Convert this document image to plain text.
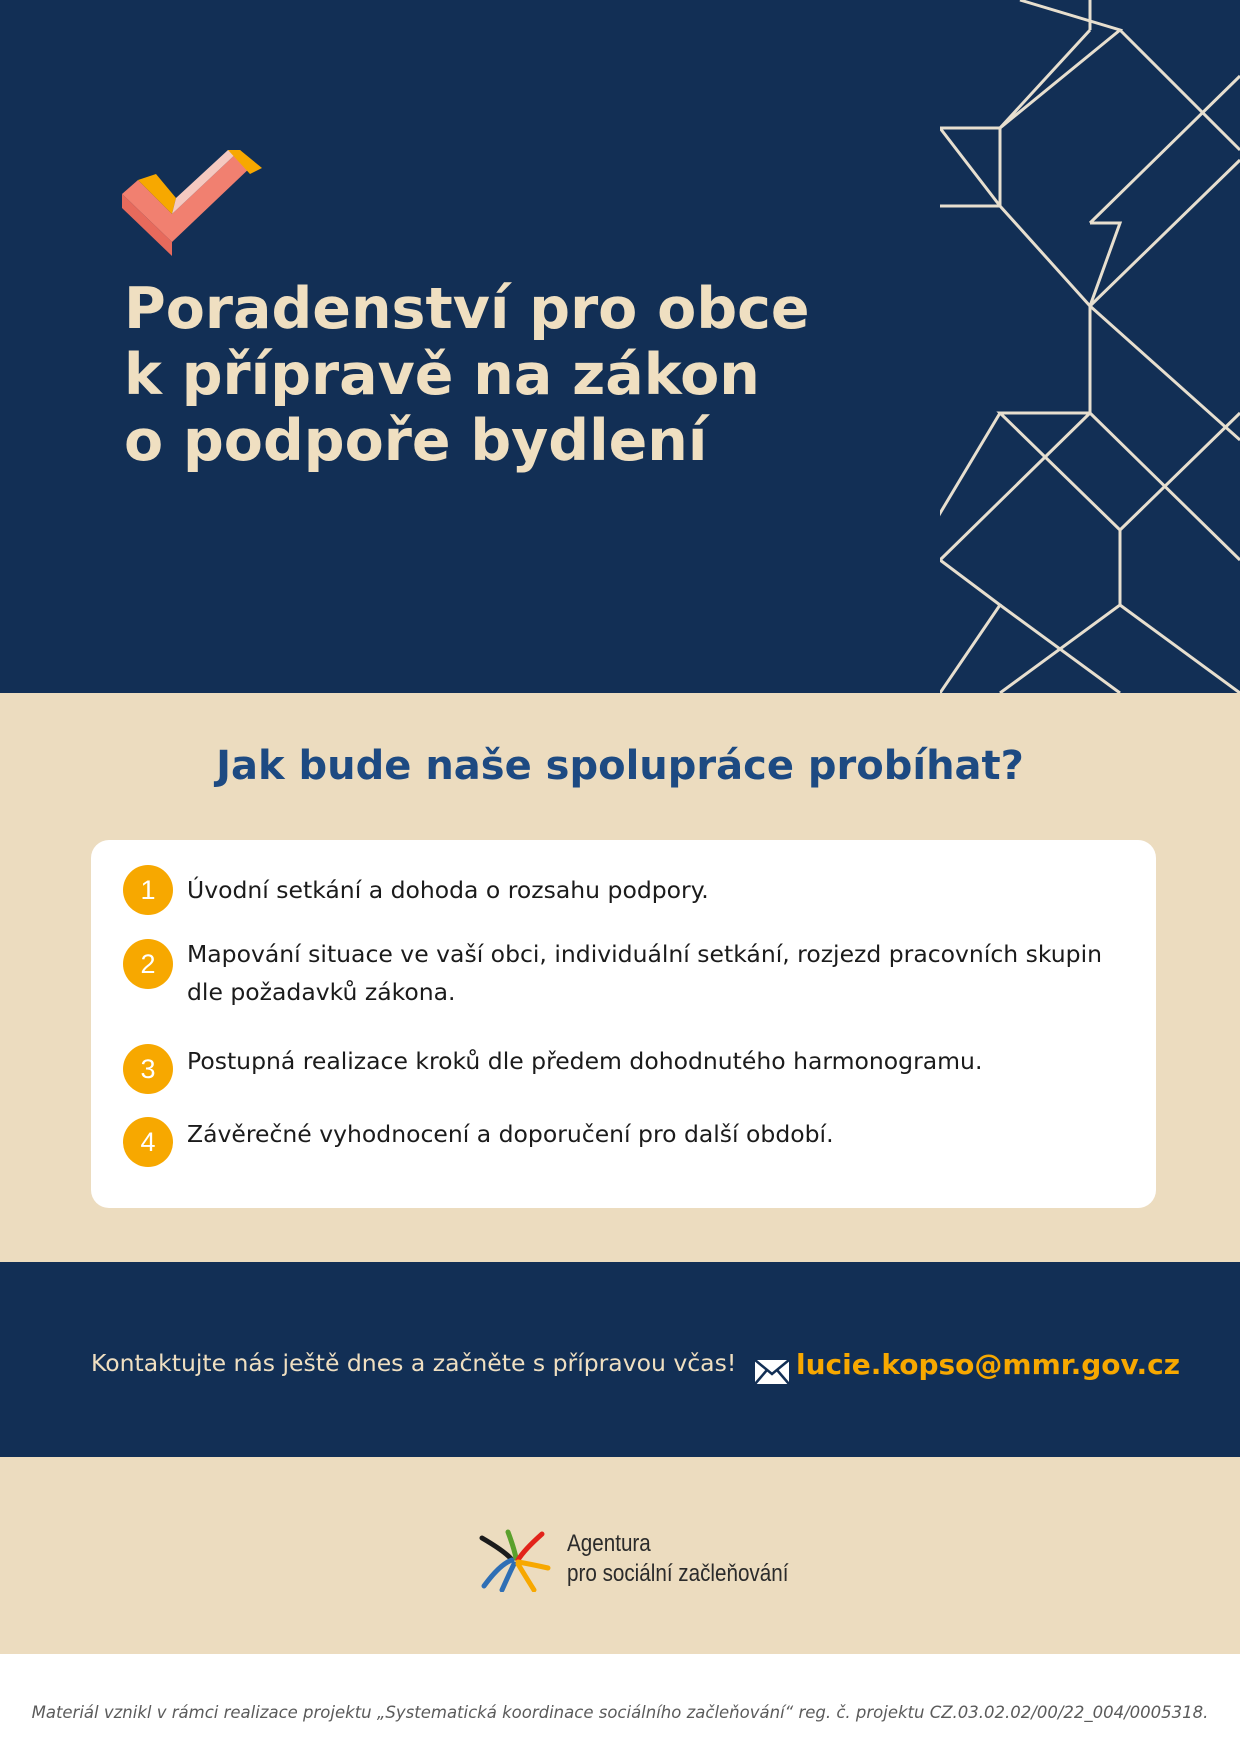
Poradenství pro obce
k přípravě na zákon
o podpoře bydlení
Jak bude naše spolupráce probíhat?
1	Úvodní setkání a dohoda o rozsahu podpory.
2	Mapování situace ve vaší obci, individuální setkání, rozjezd pracovních skupin
dle požadavků zákona.
3	Postupná realizace kroků dle předem dohodnutého harmonogramu.
4	Závěrečné vyhodnocení a doporučení pro další období.
Kontaktujte nás ještě dnes a začněte s přípravou včas! lucie.kopso@mmr.gov.cz
Agentura
pro sociální začleňování
Materiál vznikl v rámci realizace projektu „Systematická koordinace sociálního začleňování“ reg. č. projektu CZ.03.02.02/00/22_004/0005318.
